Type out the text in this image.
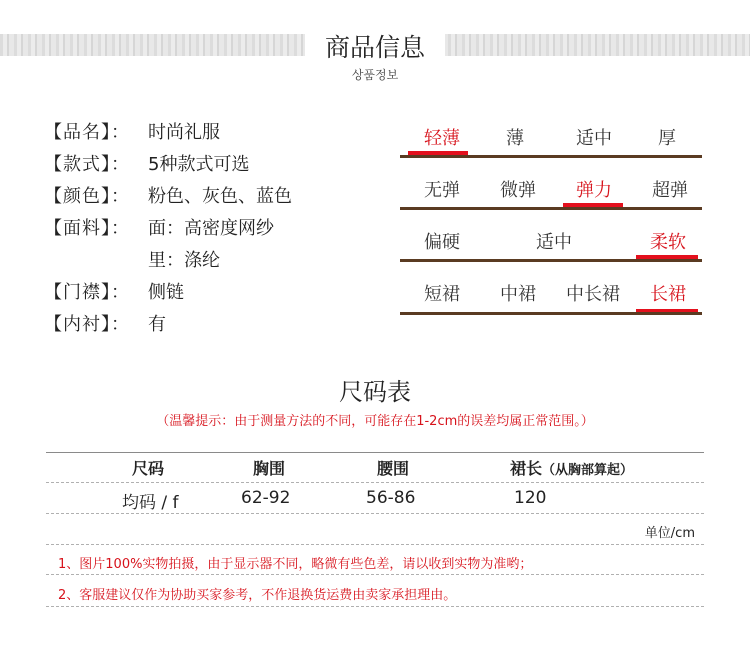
商品信息
상품정보
【品名】： 时尚礼服
【款式】： 5种款式可选
【颜色】： 粉色、灰色、蓝色
【面料】： 面：高密度网纱
里：涤纶
【门襟】： 侧链
【内衬】： 有
轻薄	薄	适中	厚
无弹	微弹	弹力	超弹
偏硬	适中	柔软
短裙	中裙	中长裙	长裙
尺码表
（温馨提示：由于测量方法的不同，可能存在1-2cm的误差均属正常范围。）
尺码	胸围	腰围	裙长（从胸部算起）
均码 / f	62-92	56-86	120
单位/cm
1、图片100%实物拍摄，由于显示器不同，略微有些色差，请以收到实物为准哟；
2、客服建议仅作为协助买家参考，不作退换货运费由卖家承担理由。
